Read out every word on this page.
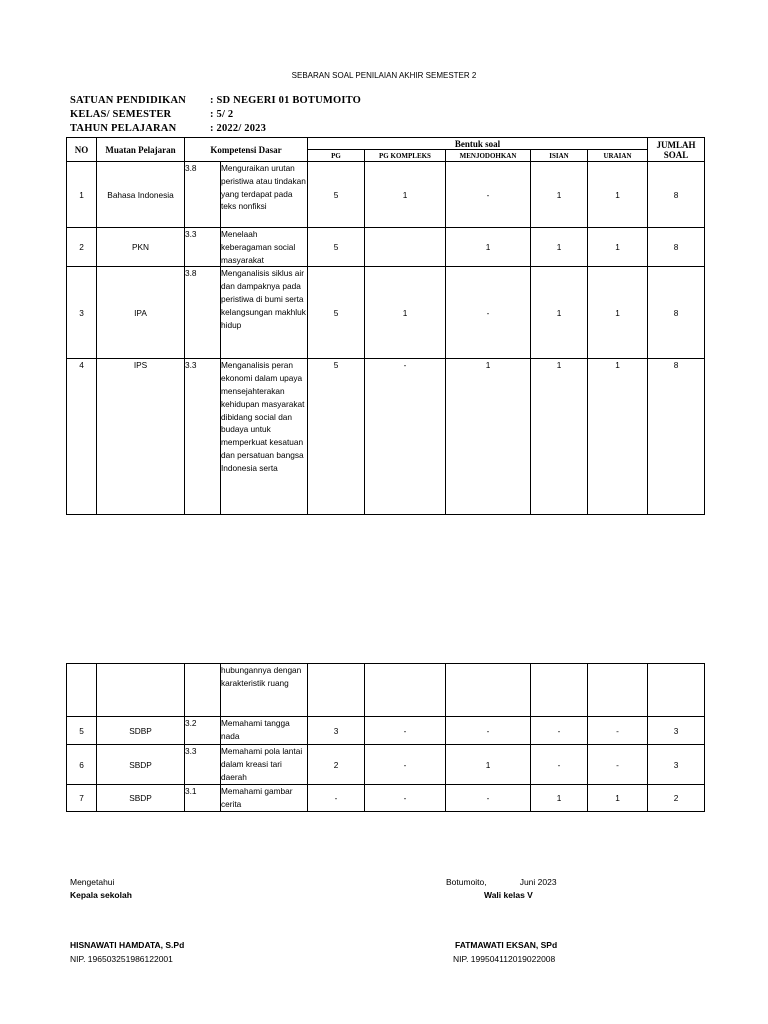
SEBARAN SOAL PENILAIAN AKHIR SEMESTER 2
SATUAN PENDIDIKAN : SD NEGERI 01 BOTUMOITO
KELAS/ SEMESTER	: 5/ 2
TAHUN PELAJARAN	: 2022/ 2023
NO	Muatan Pelajaran	Kompetensi Dasar		Bentuk soal					JUMLAH SOAL
				PG	PG KOMPLEKS	MENJODOHKAN	ISIAN	URAIAN	
1	Bahasa Indonesia	3.8	Menguraikan urutan peristiwa atau tindakan yang terdapat pada teks nonfiksi	5	1	-	1	1	8
2	PKN	3.3	Menelaah keberagaman social masyarakat	5		1	1	1	8
3	IPA	3.8	Menganalisis siklus air dan dampaknya pada peristiwa di bumi serta kelangsungan makhluk hidup	5	1	-	1	1	8
4	IPS	3.3	Menganalisis peran ekonomi dalam upaya mensejahterakan kehidupan masyarakat dibidang social dan budaya untuk memperkuat kesatuan dan persatuan bangsa Indonesia serta	5	-	1	1	1	8
			hubungannya dengan karakteristik ruang						
5	SDBP	3.2	Memahami tangga nada	3	-	-	-	-	3
6	SBDP	3.3	Memahami pola lantai dalam kreasi tari daerah	2	-	1	-	-	3
7	SBDP	3.1	Memahami gambar cerita	-	-	-	1	1	2
Mengetahui
Kepala sekolah
HISNAWATI HAMDATA, S.Pd
NIP. 196503251986122001
Botumoito,              Juni 2023
Wali kelas V
FATMAWATI EKSAN, SPd
NIP. 199504112019022008
